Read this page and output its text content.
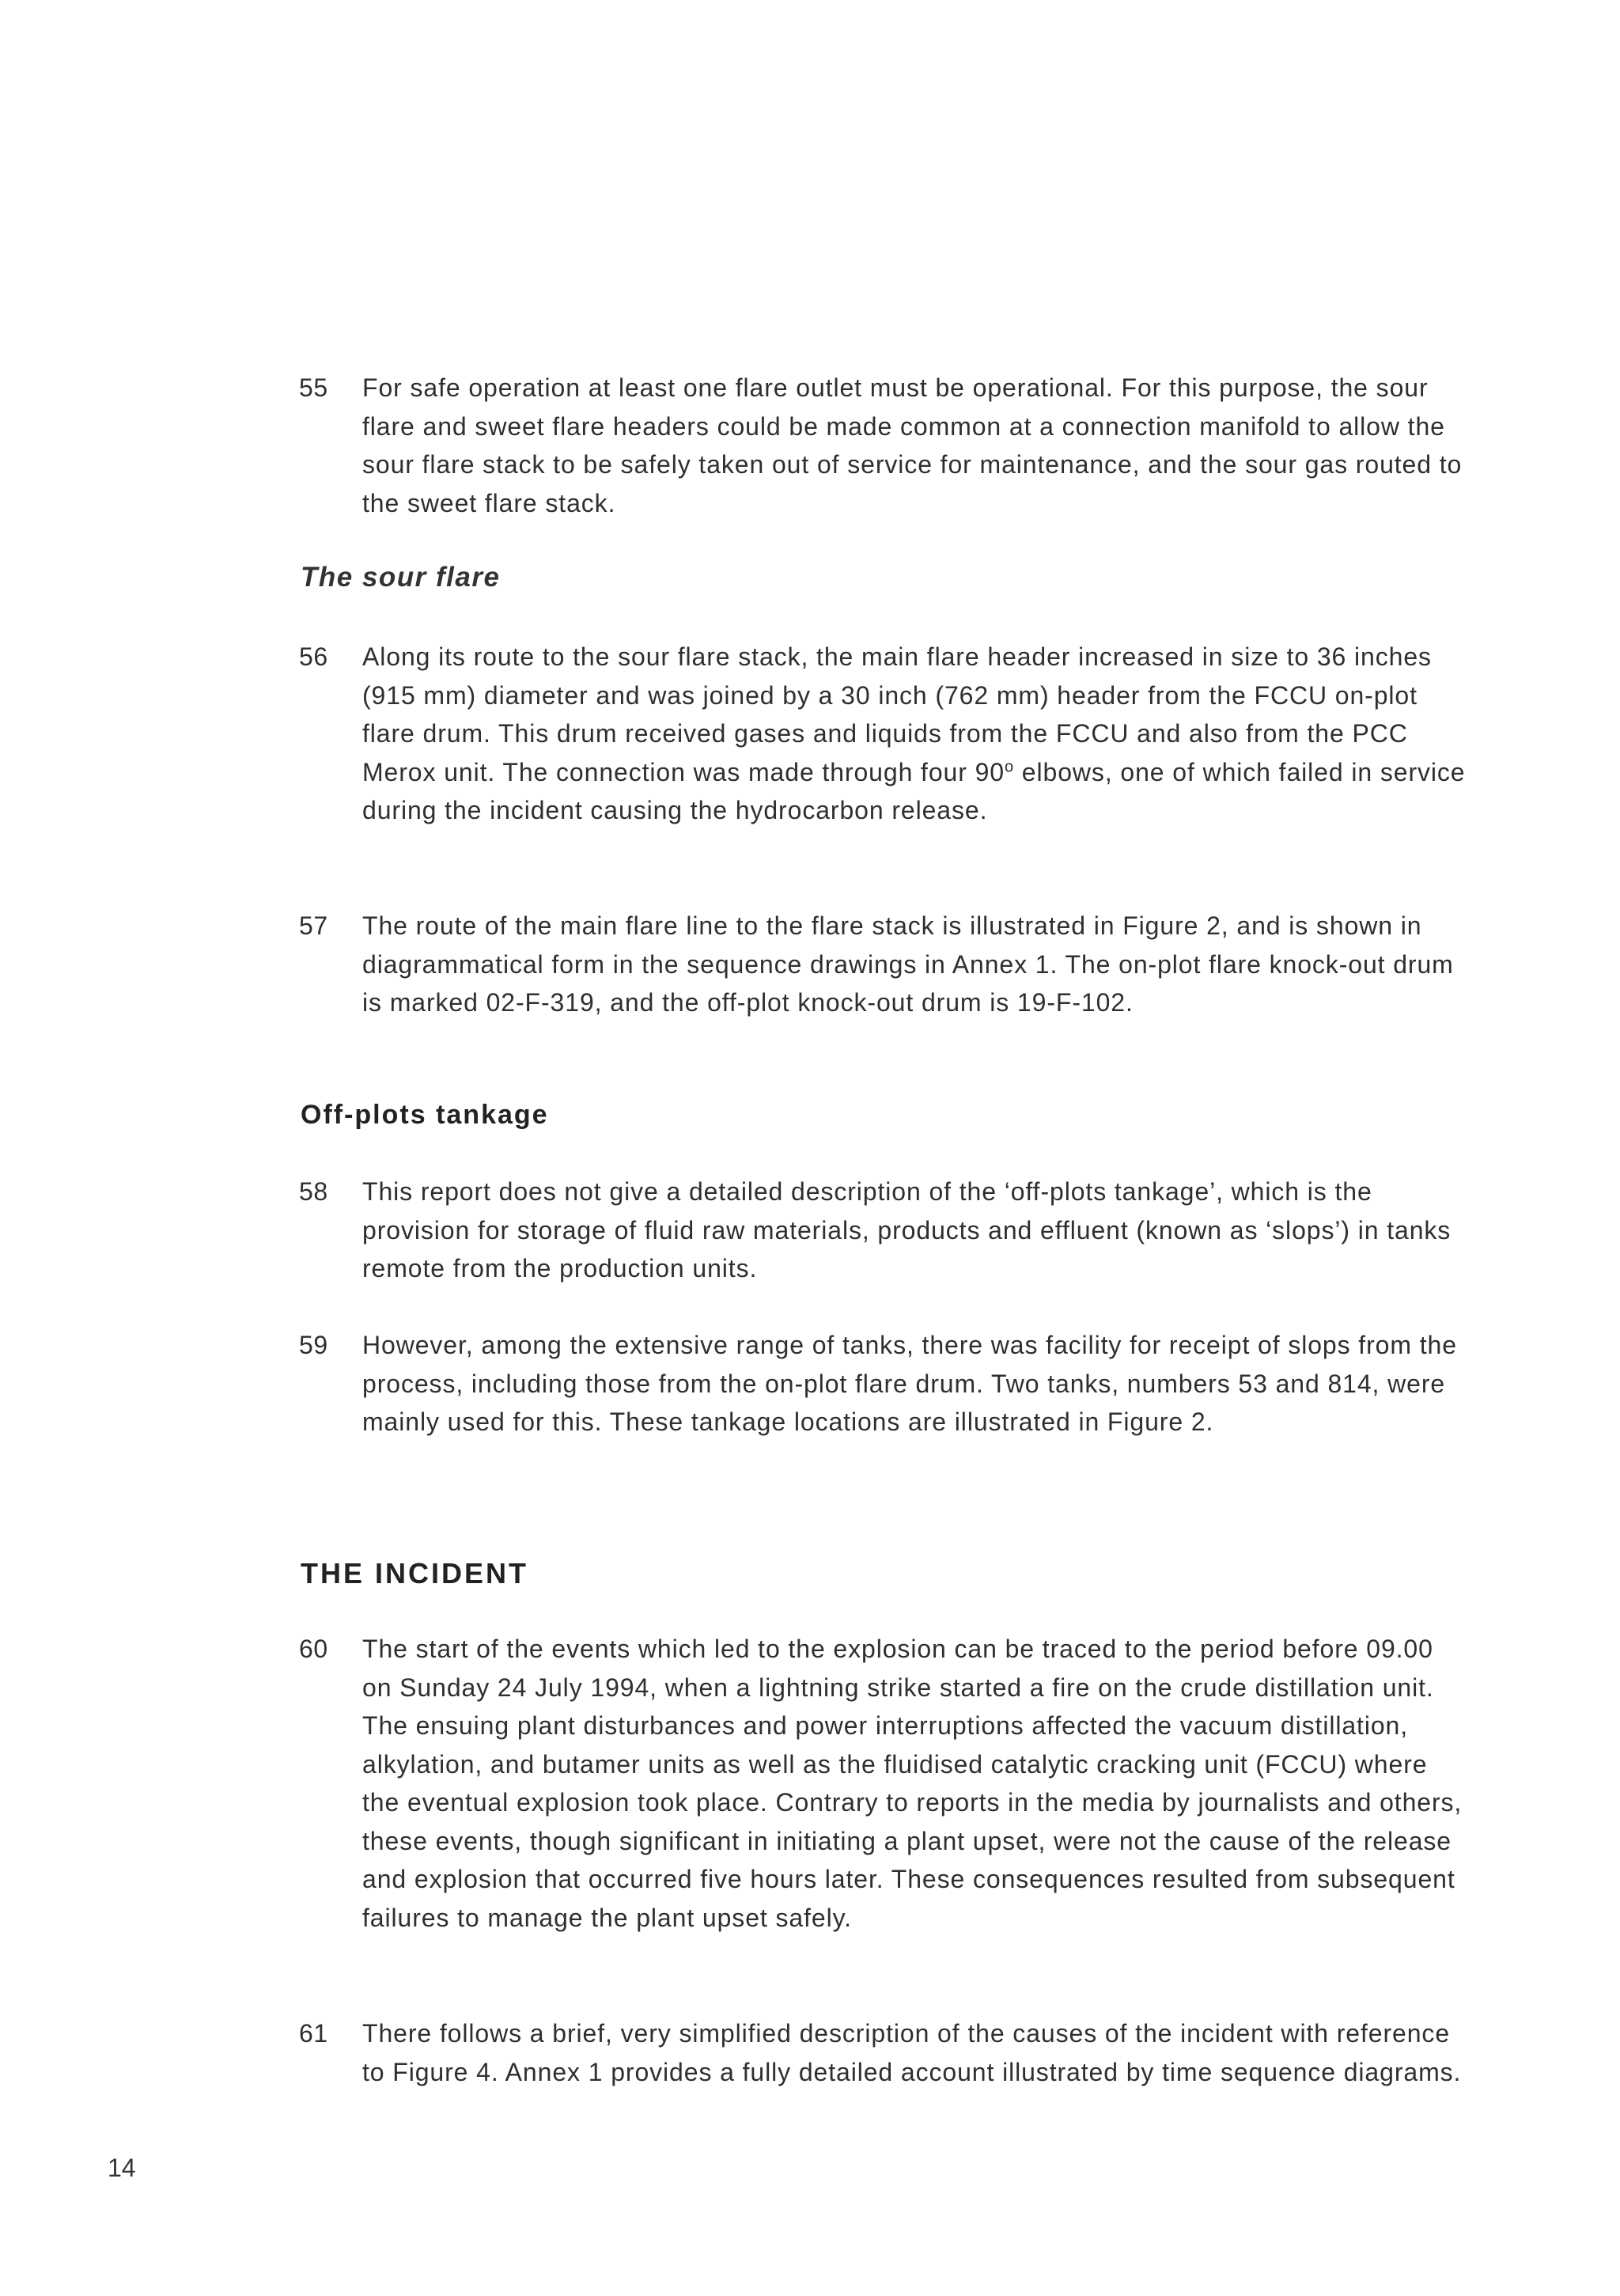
55	For safe operation at least one flare outlet must be operational. For this purpose, the sour flare and sweet flare headers could be made common at a connection manifold to allow the sour flare stack to be safely taken out of service for maintenance, and the sour gas routed to the sweet flare stack.
The sour flare
56	Along its route to the sour flare stack, the main flare header increased in size to 36 inches (915 mm) diameter and was joined by a 30 inch (762 mm) header from the FCCU on-plot flare drum. This drum received gases and liquids from the FCCU and also from the PCC Merox unit. The connection was made through four 90$^o$ elbows, one of which failed in service during the incident causing the hydrocarbon release.
57	The route of the main flare line to the flare stack is illustrated in Figure 2, and is shown in diagrammatical form in the sequence drawings in Annex 1. The on-plot flare knock-out drum is marked 02-F-319, and the off-plot knock-out drum is 19-F-102.
Off-plots tankage
58	This report does not give a detailed description of the ‘off-plots tankage’, which is the provision for storage of fluid raw materials, products and effluent (known as ‘slops’) in tanks remote from the production units.
59	However, among the extensive range of tanks, there was facility for receipt of slops from the process, including those from the on-plot flare drum. Two tanks, numbers 53 and 814, were mainly used for this. These tankage locations are illustrated in Figure 2.
THE INCIDENT
60	The start of the events which led to the explosion can be traced to the period before 09.00 on Sunday 24 July 1994, when a lightning strike started a fire on the crude distillation unit. The ensuing plant disturbances and power interruptions affected the vacuum distillation, alkylation, and butamer units as well as the fluidised catalytic cracking unit (FCCU) where the eventual explosion took place. Contrary to reports in the media by journalists and others, these events, though significant in initiating a plant upset, were not the cause of the release and explosion that occurred five hours later. These consequences resulted from subsequent failures to manage the plant upset safely.
61	There follows a brief, very simplified description of the causes of the incident with reference to Figure 4. Annex 1 provides a fully detailed account illustrated by time sequence diagrams.
14
